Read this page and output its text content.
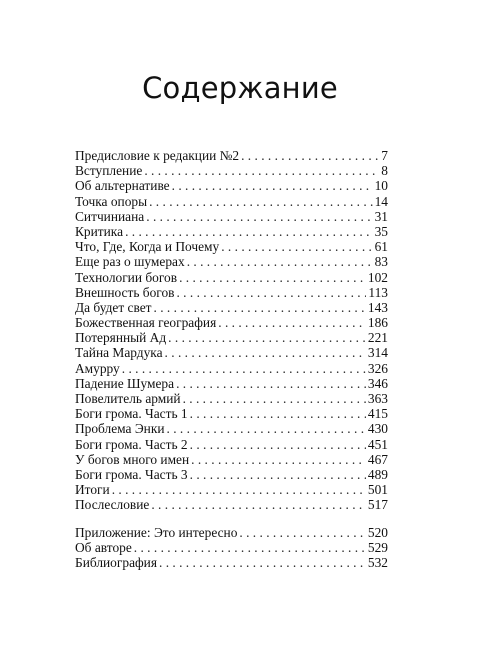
Содержание
Предисловие к редакции №2 . . .	7
Вступление . . .	8
Об альтернативе . . .	10
Точка опоры . . .	14
Ситчиниана . . .	31
Критика . . .	35
Что, Где, Когда и Почему . . .	61
Еще раз о шумерах . . .	83
Технологии богов . . .	102
Внешность богов . . .	113
Да будет свет . . .	143
Божественная география . . .	186
Потерянный Ад . . .	221
Тайна Мардука . . .	314
Амурру . . .	326
Падение Шумера . . .	346
Повелитель армий . . .	363
Боги грома. Часть 1 . . .	415
Проблема Энки . . .	430
Боги грома. Часть 2 . . .	451
У богов много имен . . .	467
Боги грома. Часть 3 . . .	489
Итоги . . .	501
Послесловие . . .	517
Приложение: Это интересно . . .	520
Об авторе . . .	529
Библиография . . .	532
